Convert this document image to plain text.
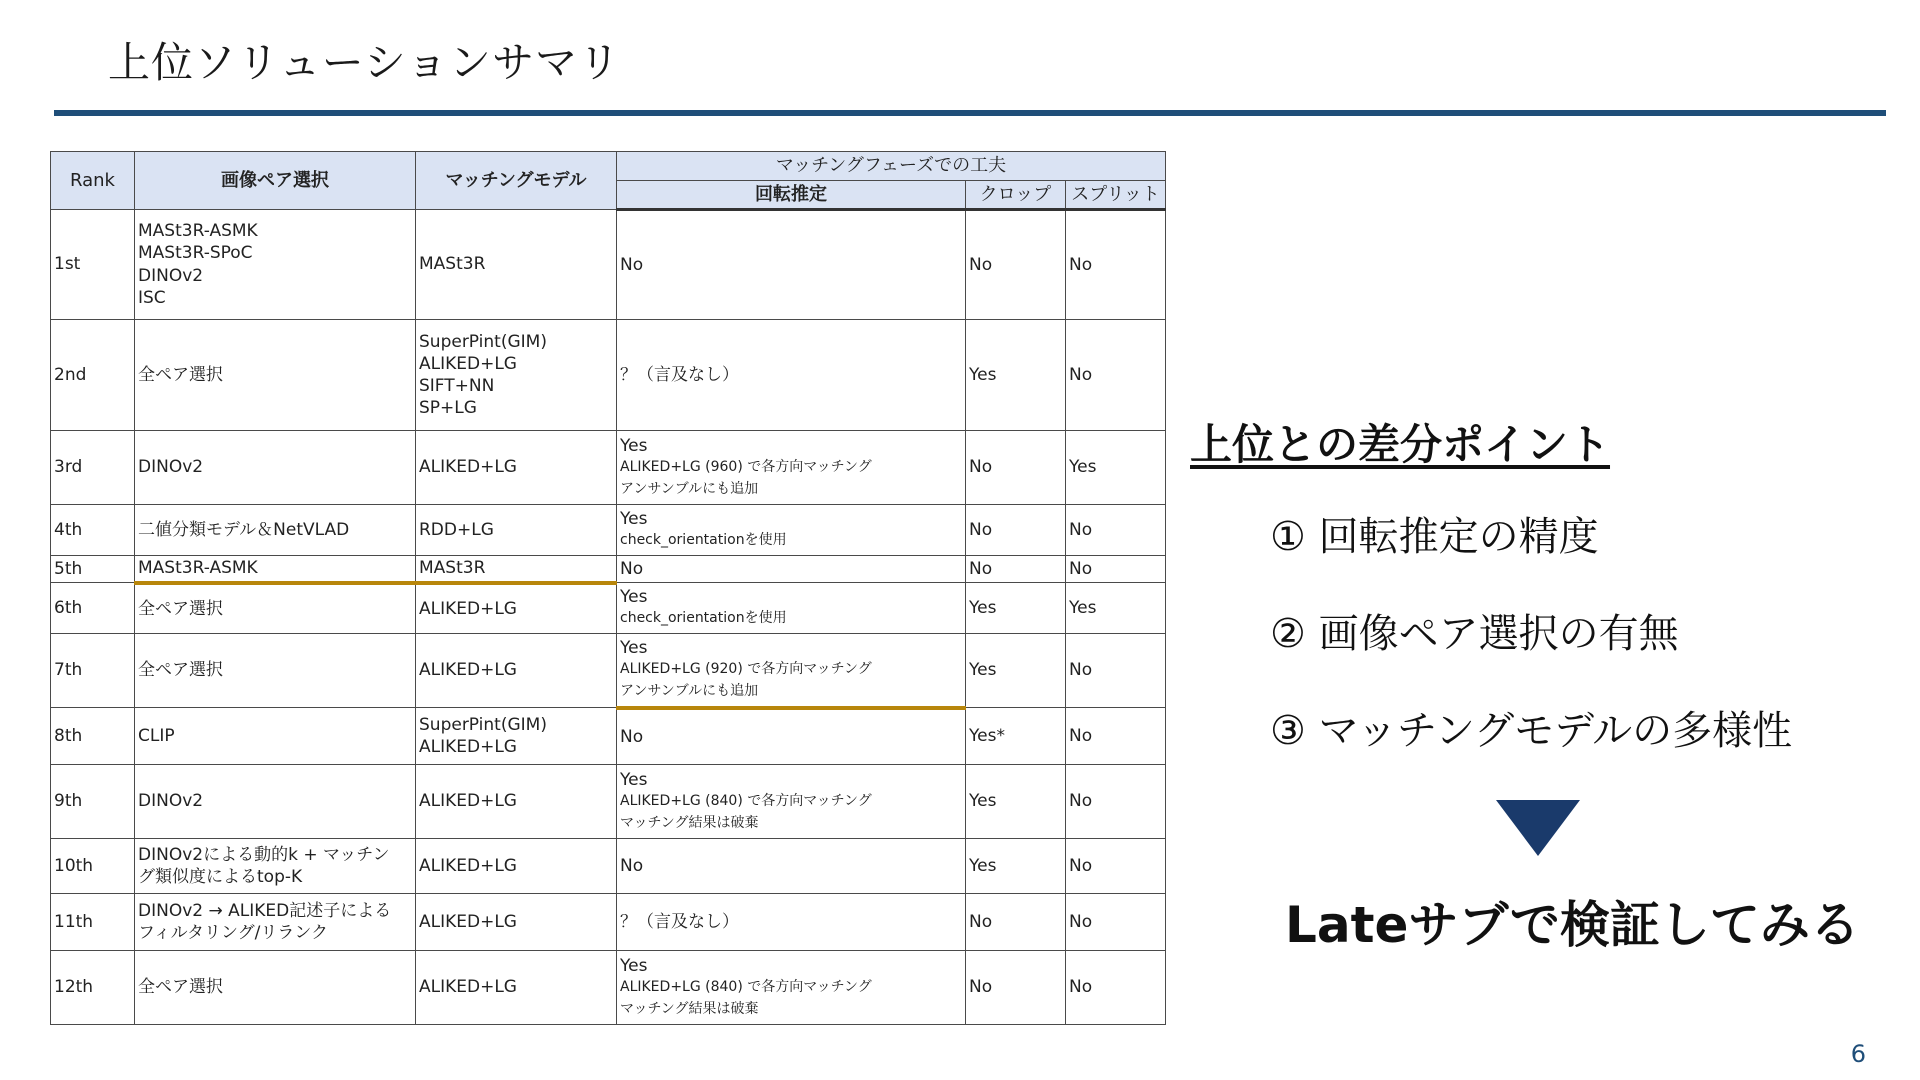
上位ソリューションサマリ
Rank	画像ペア選択	マッチングモデル	マッチングフェーズでの工夫		
			回転推定	クロップ	スプリット

1st	MASt3R-ASMK
MASt3R-SPoC
DINOv2
ISC	MASt3R	No	No	No

2nd	全ペア選択	SuperPint(GIM)
ALIKED+LG
SIFT+NN
SP+LG	？（言及なし）	Yes	No

3rd	DINOv2	ALIKED+LG	Yes
ALIKED+LG (960) で各方向マッチング
アンサンブルにも追加	No	Yes

4th	二値分類モデル＆NetVLAD	RDD+LG	Yes
check_orientationを使用	No	No

5th	MASt3R-ASMK	MASt3R	No	No	No

6th	全ペア選択	ALIKED+LG	Yes
check_orientationを使用	Yes	Yes

7th	全ペア選択	ALIKED+LG	Yes
ALIKED+LG (920) で各方向マッチング
アンサンブルにも追加	Yes	No

8th	CLIP	SuperPint(GIM)
ALIKED+LG	No	Yes*	No

9th	DINOv2	ALIKED+LG	Yes
ALIKED+LG (840) で各方向マッチング
マッチング結果は破棄	Yes	No

10th	DINOv2による動的k + マッチン
グ類似度によるtop-K	ALIKED+LG	No	Yes	No

11th	DINOv2 → ALIKED記述子による
フィルタリング/リランク	ALIKED+LG	？（言及なし）	No	No

12th	全ペア選択	ALIKED+LG	Yes
ALIKED+LG (840) で各方向マッチング
マッチング結果は破棄	No	No
上位との差分ポイント
① 回転推定の精度
② 画像ペア選択の有無
③ マッチングモデルの多様性
Lateサブで検証してみる
6
